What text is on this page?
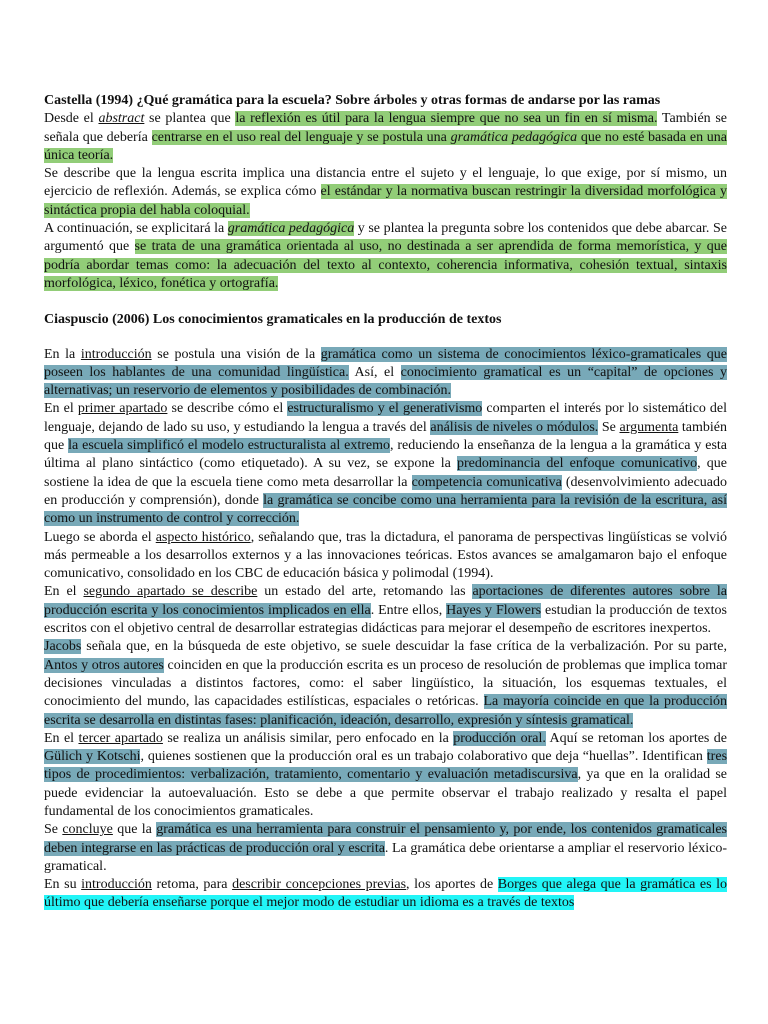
Castella (1994) ¿Qué gramática para la escuela? Sobre árboles y otras formas de andarse por las ramas

Desde el abstract se plantea que la reflexión es útil para la lengua siempre que no sea un fin en sí misma. También se señala que debería centrarse en el uso real del lenguaje y se postula una gramática pedagógica que no esté basada en una única teoría.

Se describe que la lengua escrita implica una distancia entre el sujeto y el lenguaje, lo que exige, por sí mismo, un ejercicio de reflexión. Además, se explica cómo el estándar y la normativa buscan restringir la diversidad morfológica y sintáctica propia del habla coloquial.

A continuación, se explicitará la gramática pedagógica y se plantea la pregunta sobre los contenidos que debe abarcar. Se argumentó que se trata de una gramática orientada al uso, no destinada a ser aprendida de forma memorística, y que podría abordar temas como: la adecuación del texto al contexto, coherencia informativa, cohesión textual, sintaxis morfológica, léxico, fonética y ortografía.

Ciaspuscio (2006) Los conocimientos gramaticales en la producción de textos

En la introducción se postula una visión de la gramática como un sistema de conocimientos léxico-gramaticales que poseen los hablantes de una comunidad lingüística. Así, el conocimiento gramatical es un “capital” de opciones y alternativas; un reservorio de elementos y posibilidades de combinación.

En el primer apartado se describe cómo el estructuralismo y el generativismo comparten el interés por lo sistemático del lenguaje, dejando de lado su uso, y estudiando la lengua a través del análisis de niveles o módulos. Se argumenta también que la escuela simplificó el modelo estructuralista al extremo, reduciendo la enseñanza de la lengua a la gramática y esta última al plano sintáctico (como etiquetado). A su vez, se expone la predominancia del enfoque comunicativo, que sostiene la idea de que la escuela tiene como meta desarrollar la competencia comunicativa (desenvolvimiento adecuado en producción y comprensión), donde la gramática se concibe como una herramienta para la revisión de la escritura, así como un instrumento de control y corrección.

Luego se aborda el aspecto histórico, señalando que, tras la dictadura, el panorama de perspectivas lingüísticas se volvió más permeable a los desarrollos externos y a las innovaciones teóricas. Estos avances se amalgamaron bajo el enfoque comunicativo, consolidado en los CBC de educación básica y polimodal (1994).

En el segundo apartado se describe un estado del arte, retomando las aportaciones de diferentes autores sobre la producción escrita y los conocimientos implicados en ella. Entre ellos, Hayes y Flowers estudian la producción de textos escritos con el objetivo central de desarrollar estrategias didácticas para mejorar el desempeño de escritores inexpertos.

Jacobs señala que, en la búsqueda de este objetivo, se suele descuidar la fase crítica de la verbalización. Por su parte, Antos y otros autores coinciden en que la producción escrita es un proceso de resolución de problemas que implica tomar decisiones vinculadas a distintos factores, como: el saber lingüístico, la situación, los esquemas textuales, el conocimiento del mundo, las capacidades estilísticas, espaciales o retóricas. La mayoría coincide en que la producción escrita se desarrolla en distintas fases: planificación, ideación, desarrollo, expresión y síntesis gramatical.

En el tercer apartado se realiza un análisis similar, pero enfocado en la producción oral. Aquí se retoman los aportes de Gülich y Kotschi, quienes sostienen que la producción oral es un trabajo colaborativo que deja “huellas”. Identifican tres tipos de procedimientos: verbalización, tratamiento, comentario y evaluación metadiscursiva, ya que en la oralidad se puede evidenciar la autoevaluación. Esto se debe a que permite observar el trabajo realizado y resalta el papel fundamental de los conocimientos gramaticales.

Se concluye que la gramática es una herramienta para construir el pensamiento y, por ende, los contenidos gramaticales deben integrarse en las prácticas de producción oral y escrita. La gramática debe orientarse a ampliar el reservorio léxico-gramatical.

En su introducción retoma, para describir concepciones previas, los aportes de Borges que alega que la gramática es lo último que debería enseñarse porque el mejor modo de estudiar un idioma es a través de textos
